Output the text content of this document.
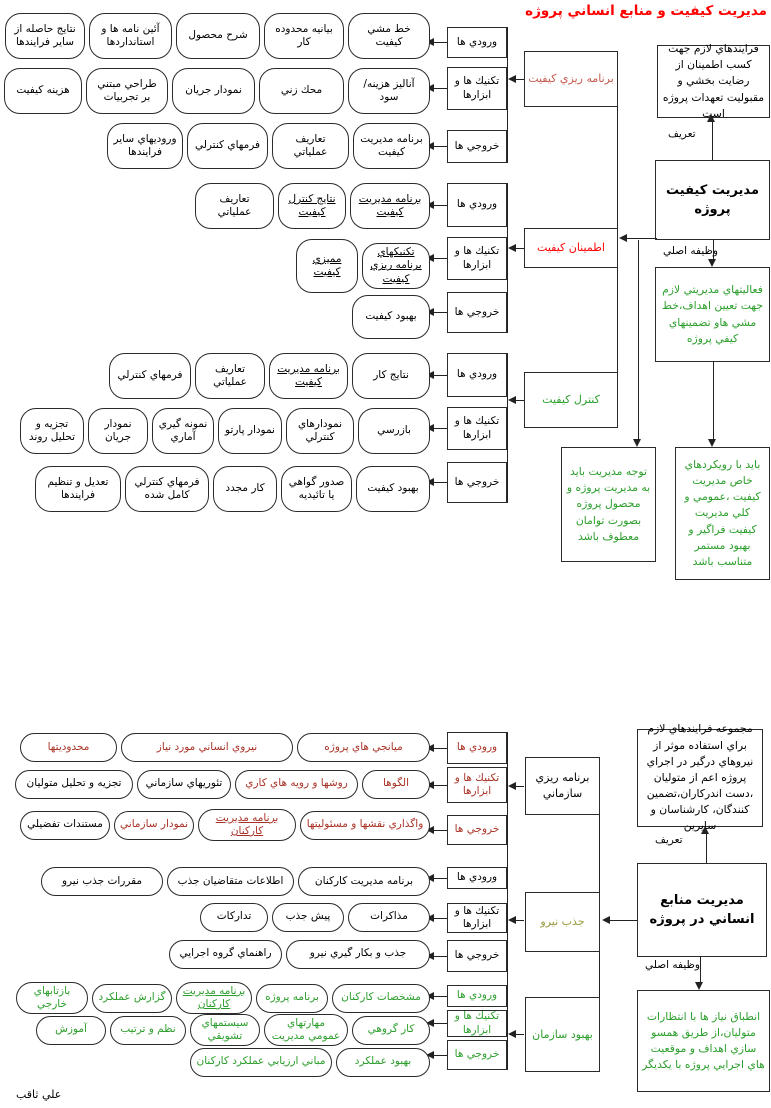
مديريت كيفيت و منابع انساني پروژه
فرايندهاي لازم جهت كسب اطمينان از رضايت بخشي و مقبوليت تعهدات پروژه است
تعريف
مديريت كيفيت پروژه
وظيفه اصلي
فعاليتهاي مديريتي لازم جهت تعيين اهداف،خط مشي هاو تضمينهاي كيفي پروژه
توجه مديريت بايد به مديريت پروژه و محصول پروژه بصورت توامان معطوف باشد
بايد با رويكردهاي خاص مديريت كيفيت ،عمومي و كلي مديريت كيفيت فراگير و بهبود مستمر متناسب باشد
برنامه ريزي كيفيت
اطمينان كيفيت
كنترل كيفيت
ورودي ها
تكنيك ها و ابزارها
خروجي ها
ورودي ها
تكنيك ها و ابزارها
خروجي ها
ورودي ها
تكنيك ها و ابزارها
خروجي ها
خط مشي كيفيت
بيانيه محدوده كار
شرح محصول
آئين نامه ها و استانداردها
نتايج حاصله از ساير فرايندها
آناليز هزينه/ سود
محك زني
نمودار جريان
طراحي مبتني بر تجربيات
هزينه كيفيت
برنامه مديريت كيفيت
تعاريف عملياتي
فرمهاي كنترلي
وروديهاي ساير فرايندها
برنامه مديريت كيفيت
نتايج كنترل كيفيت
تعاريف عملياتي
تكنيكهاي برنامه ريزي كيفيت
مميزي كيفيت
بهبود كيفيت
نتايج كار
برنامه مديريت كيفيت
تعاريف عملياتي
فرمهاي كنترلي
بازرسي
نمودارهاي كنترلي
نمودار پارتو
نمونه گيري آماري
نمودار جريان
تجزيه و تحليل روند
بهبود كيفيت
صدور گواهي يا تائيديه
كار مجدد
فرمهاي كنترلي كامل شده
تعديل و تنظيم فرايندها
مجموعه فرايندهاي لازم براي استفاده موثر از نيروهاي درگير در اجراي پروژه اعم از متوليان ،دست اندركاران،تضمين كنندگان، كارشناسان و سايرين
تعريف
مديريت منابع انساني در پروژه
وظيفه اصلي
انطباق نياز ها با انتظارات متوليان،از طريق همسو سازي اهداف و موقعيت هاي اجرايي پروژه با يكديگر
برنامه ريزي سازماني
جذب نيرو
بهبود سازمان
ورودي ها
تكنيك ها و ابزارها
خروجي ها
ورودي ها
تكنيك ها و ابزارها
خروجي ها
ورودي ها
تكنيك ها و ابزارها
خروجي ها
ميانجي هاي پروژه
نيروي انساني مورد نياز
محدوديتها
الگوها
روشها و رويه هاي كاري
تئوريهاي سازماني
تجزيه و تحليل متوليان
واگذاري نقشها و مسئوليتها
برنامه مديريت كاركنان
نمودار سازماني
مستندات تفضيلي
برنامه مديريت كاركنان
اطلاعات متقاضيان جذب
مقررات جذب نيرو
مذاكرات
پيش جذب
تداركات
جذب و بكار گيري نيرو
راهنماي گروه اجرايي
مشخصات كاركنان
برنامه پروژه
برنامه مديريت كاركنان
گزارش عملكرد
بازتابهاي خارجي
كار گروهي
مهارتهاي عمومي مديريت
سيستمهاي تشويقي
نظم و ترتيب
آموزش
بهبود عملكرد
مباني ارزيابي عملكرد كاركنان
علي ثاقب
